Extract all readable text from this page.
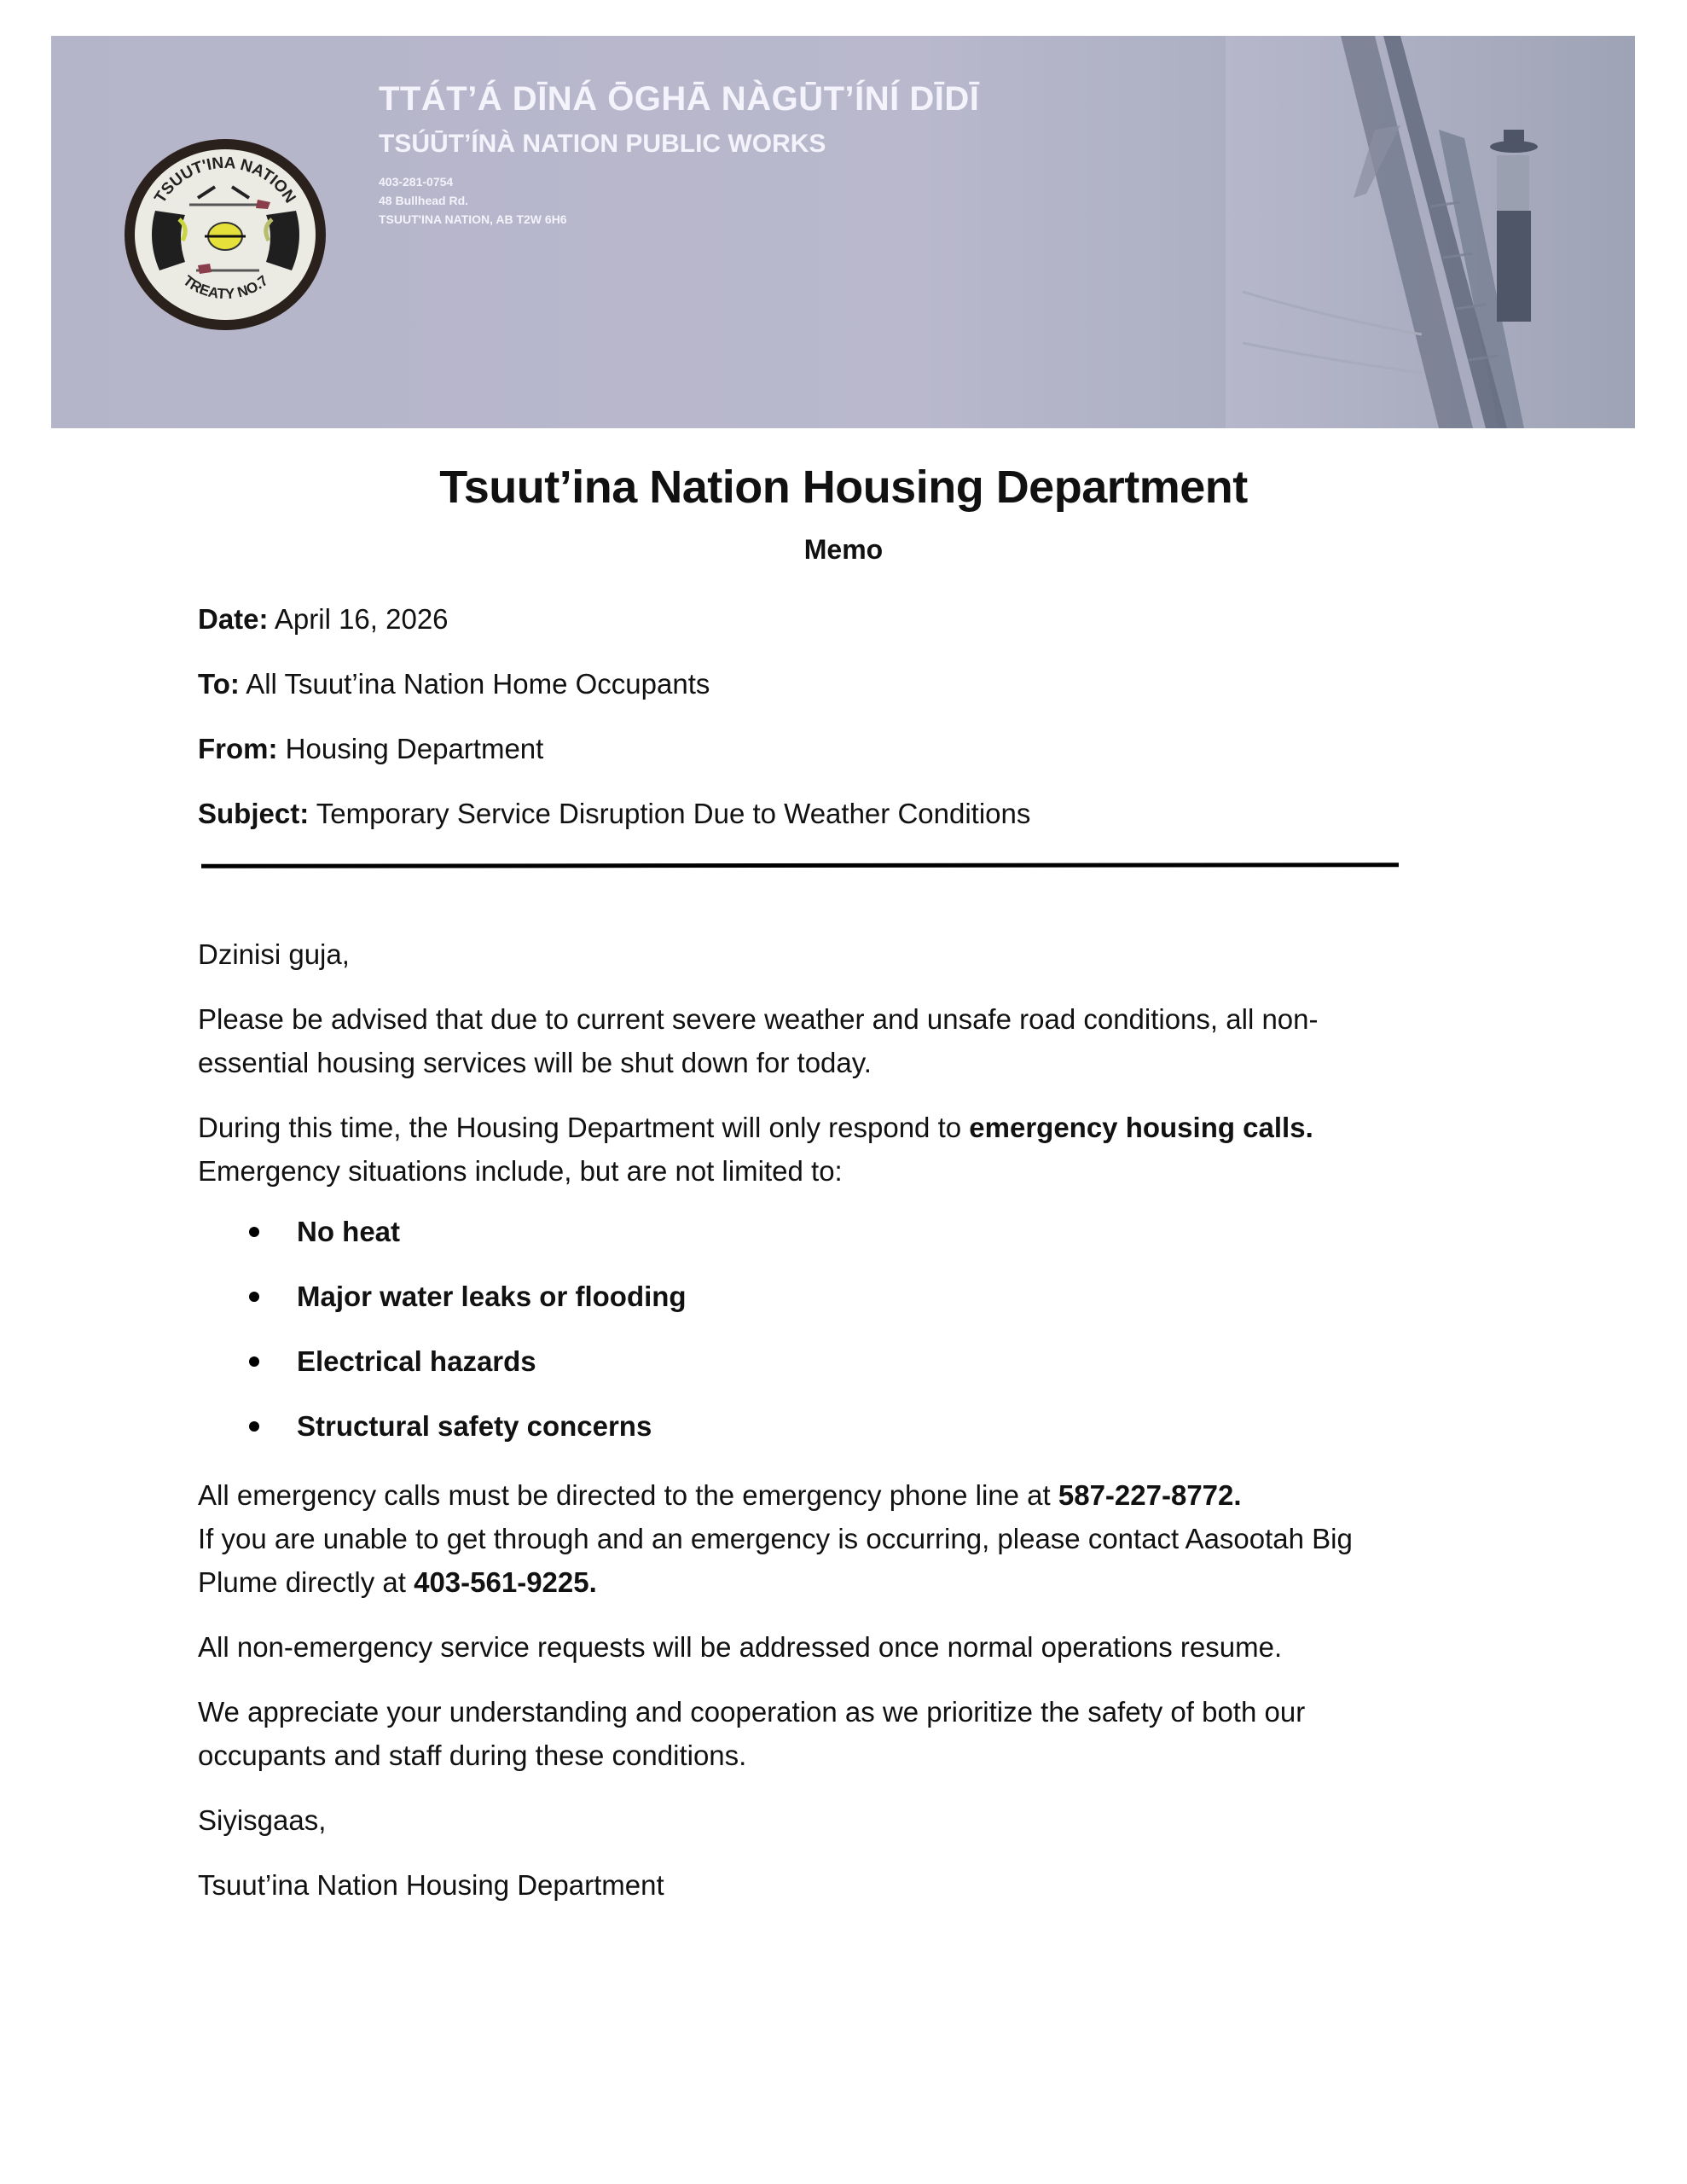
TSUUT'INA NATION
TREATY NO.7
TTÁT’Á DĪNÁ ŌGHĀ NÀGŪT’ÍNÍ DĪDĪ
TSÚŪT’ÍNÀ NATION PUBLIC WORKS
403-281-0754
48 Bullhead Rd.
TSUUT'INA NATION, AB T2W 6H6
Tsuut’ina Nation Housing Department
Memo
Date: April 16, 2026
To: All Tsuut’ina Nation Home Occupants
From: Housing Department
Subject: Temporary Service Disruption Due to Weather Conditions
Dzinisi guja,
Please be advised that due to current severe weather and unsafe road conditions, all non-
essential housing services will be shut down for today.
During this time, the Housing Department will only respond to emergency housing calls.
Emergency situations include, but are not limited to:
No heat
Major water leaks or flooding
Electrical hazards
Structural safety concerns
All emergency calls must be directed to the emergency phone line at 587-227-8772.
If you are unable to get through and an emergency is occurring, please contact Aasootah Big
Plume directly at 403-561-9225.
All non-emergency service requests will be addressed once normal operations resume.
We appreciate your understanding and cooperation as we prioritize the safety of both our
occupants and staff during these conditions.
Siyisgaas,
Tsuut’ina Nation Housing Department
